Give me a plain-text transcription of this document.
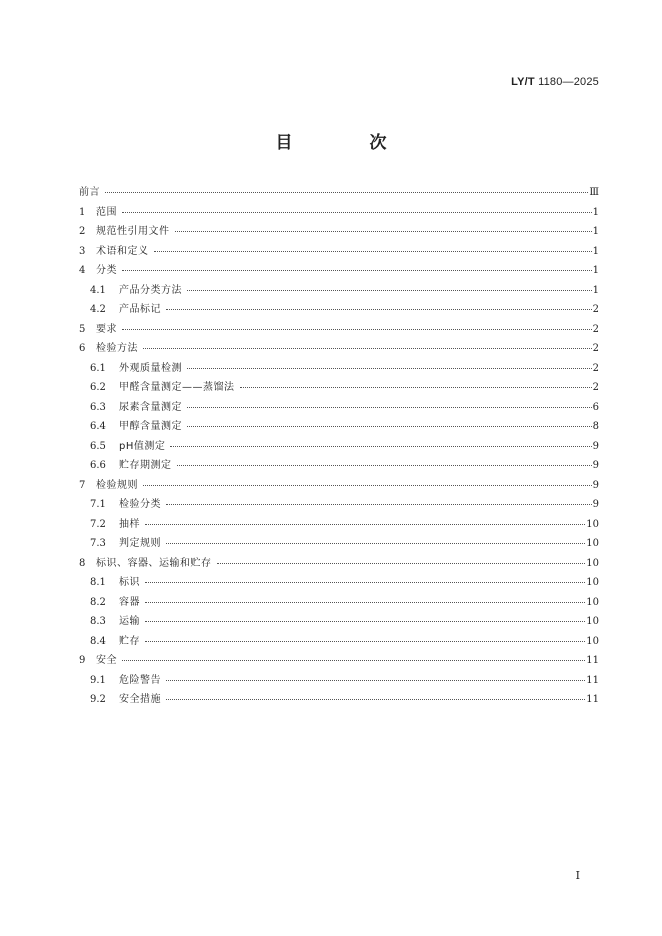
LY/T 1180—2025
目　次
前言	Ⅲ
1	范围	1
2	规范性引用文件	1
3	术语和定义	1
4	分类	1
4.1	产品分类方法	1
4.2	产品标记	2
5	要求	2
6	检验方法	2
6.1	外观质量检测	2
6.2	甲醛含量测定——蒸馏法	2
6.3	尿素含量测定	6
6.4	甲醇含量测定	8
6.5	pH值测定	9
6.6	贮存期测定	9
7	检验规则	9
7.1	检验分类	9
7.2	抽样	10
7.3	判定规则	10
8	标识、容器、运输和贮存	10
8.1	标识	10
8.2	容器	10
8.3	运输	10
8.4	贮存	10
9	安全	11
9.1	危险警告	11
9.2	安全措施	11
I
